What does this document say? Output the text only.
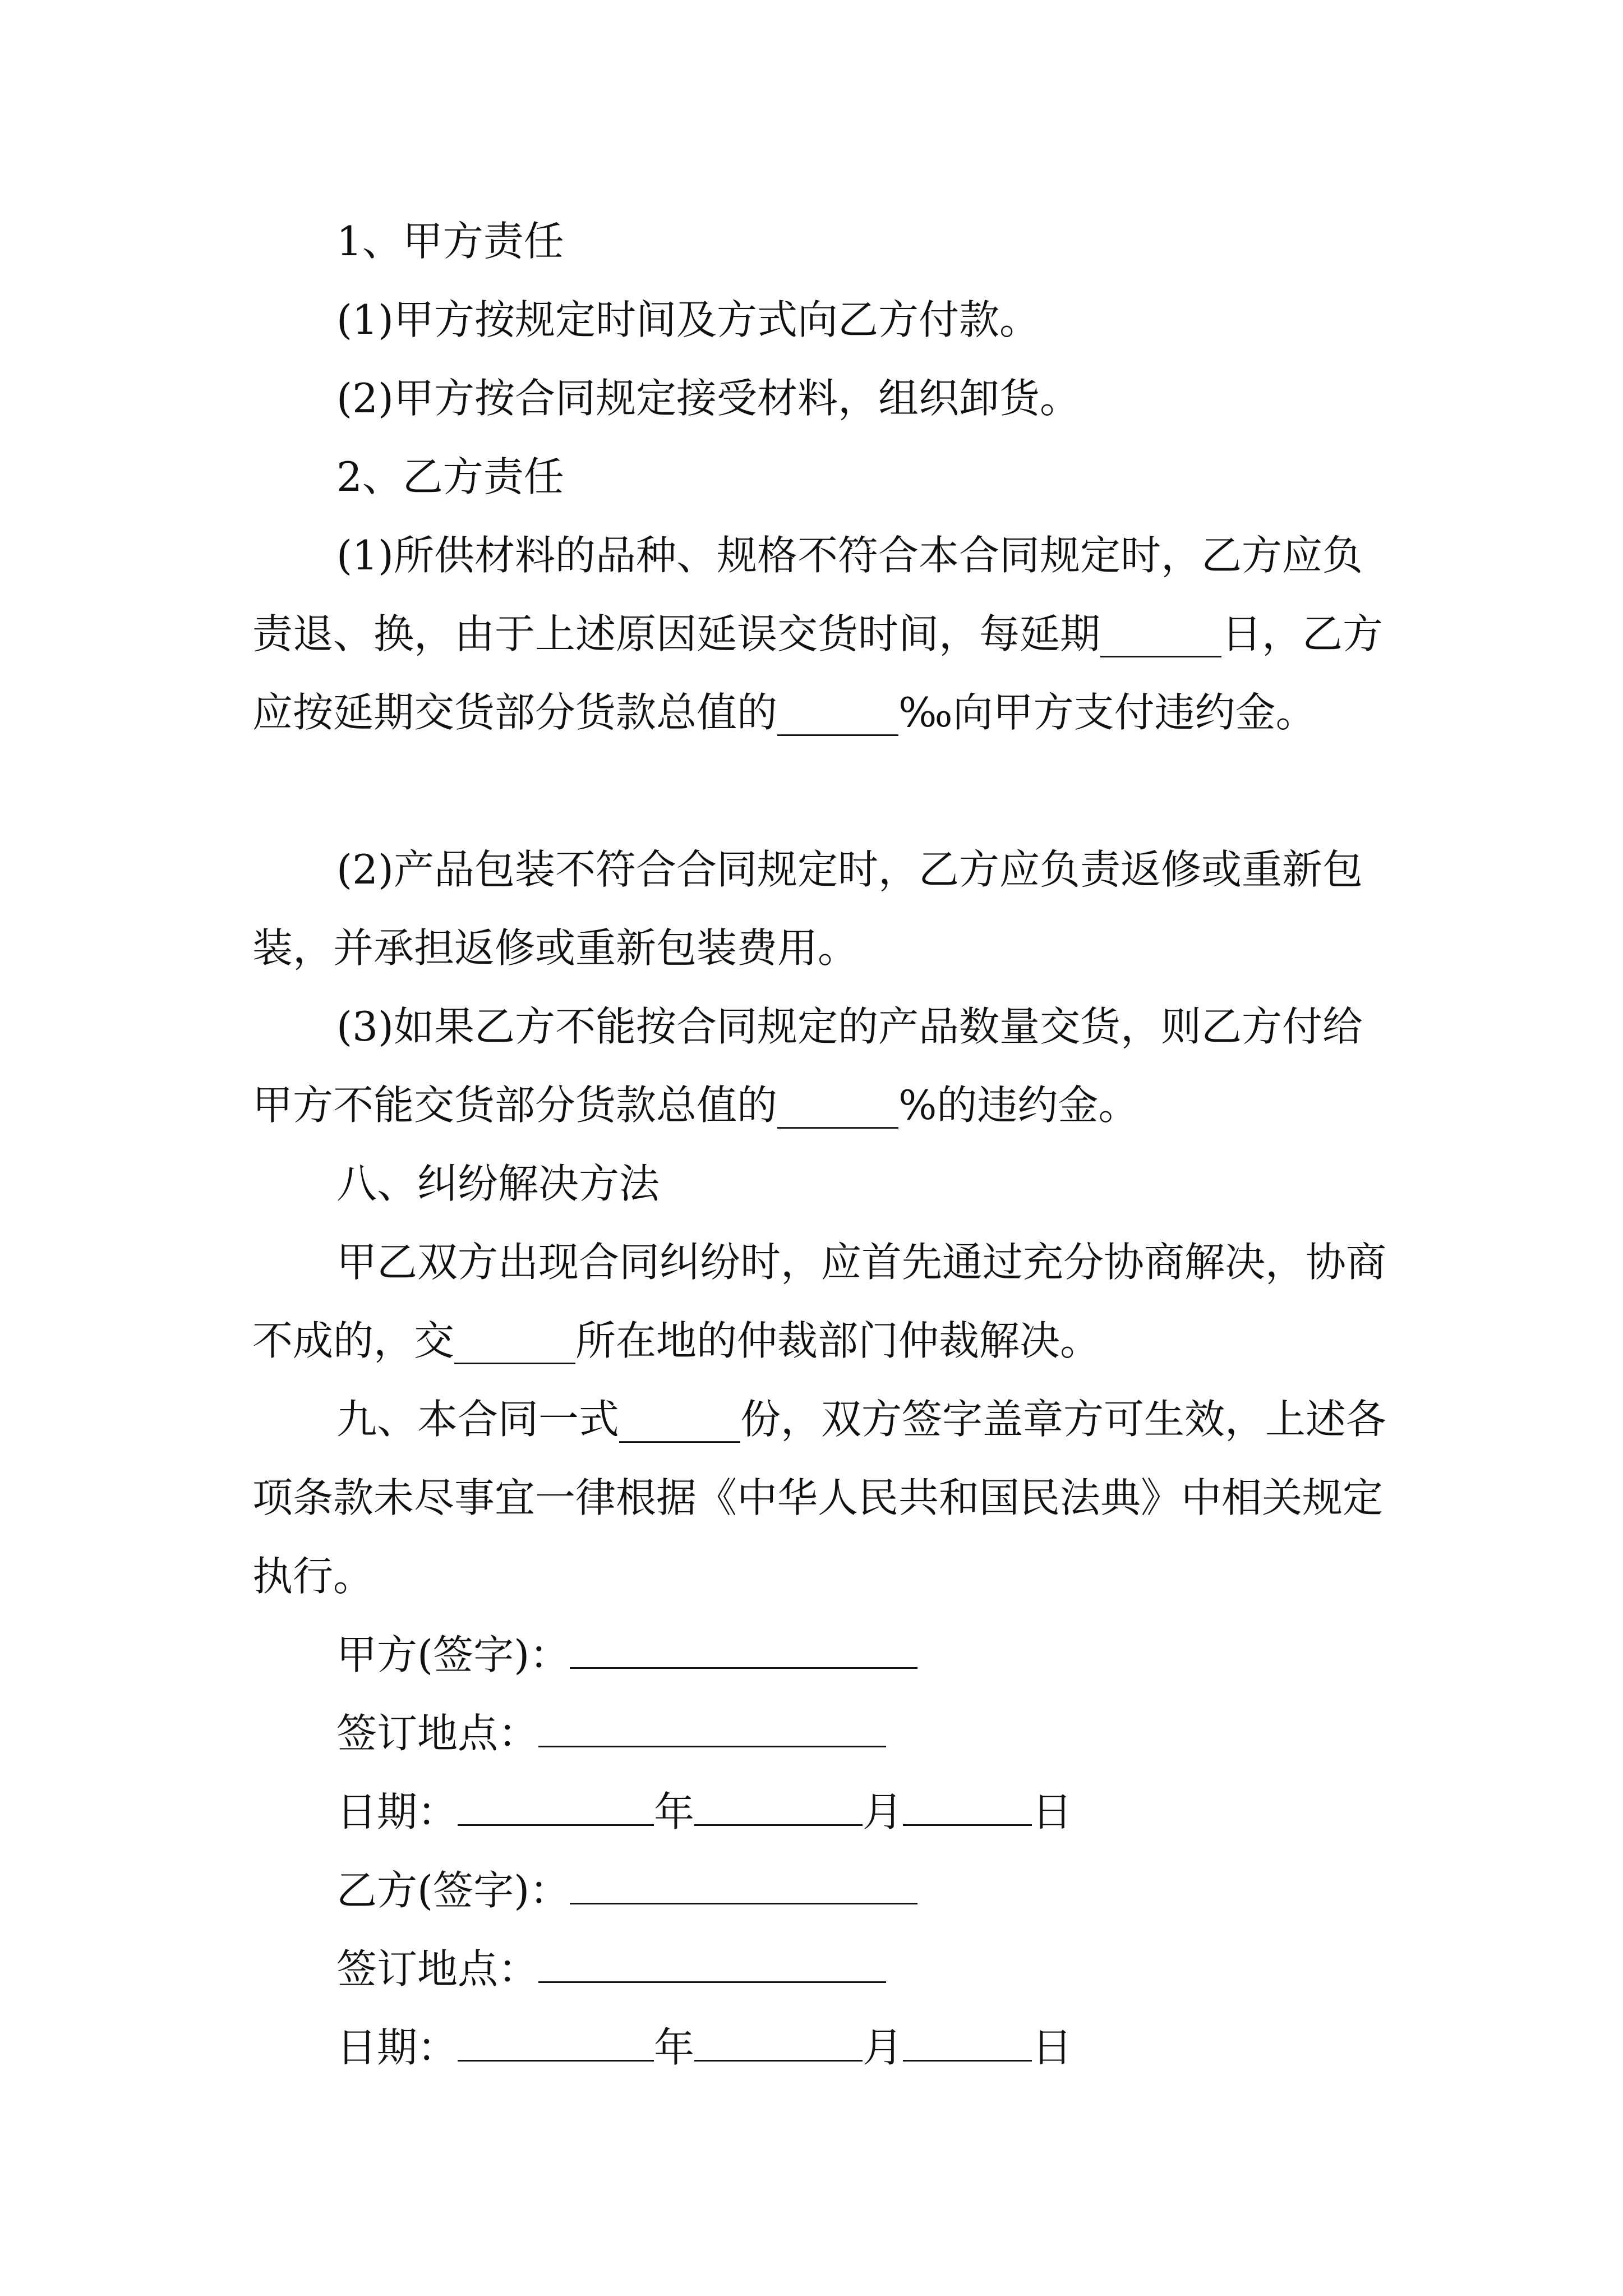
1、甲方责任

(1)甲方按规定时间及方式向乙方付款。

(2)甲方按合同规定接受材料，组织卸货。

2、乙方责任

(1)所供材料的品种、规格不符合本合同规定时，乙方应负责退、换，由于上述原因延误交货时间，每延期______日，乙方应按延期交货部分货款总值的______‰向甲方支付违约金。

(2)产品包装不符合合同规定时，乙方应负责返修或重新包装，并承担返修或重新包装费用。

(3)如果乙方不能按合同规定的产品数量交货，则乙方付给甲方不能交货部分货款总值的______%的违约金。

八、纠纷解决方法

甲乙双方出现合同纠纷时，应首先通过充分协商解决，协商不成的，交______所在地的仲裁部门仲裁解决。

九、本合同一式______份，双方签字盖章方可生效，上述各项条款未尽事宜一律根据《中华人民共和国民法典》中相关规定执行。

甲方(签字)：
签订地点：
日期：	年	月	日
乙方(签字)：
签订地点：
日期：	年	月	日
